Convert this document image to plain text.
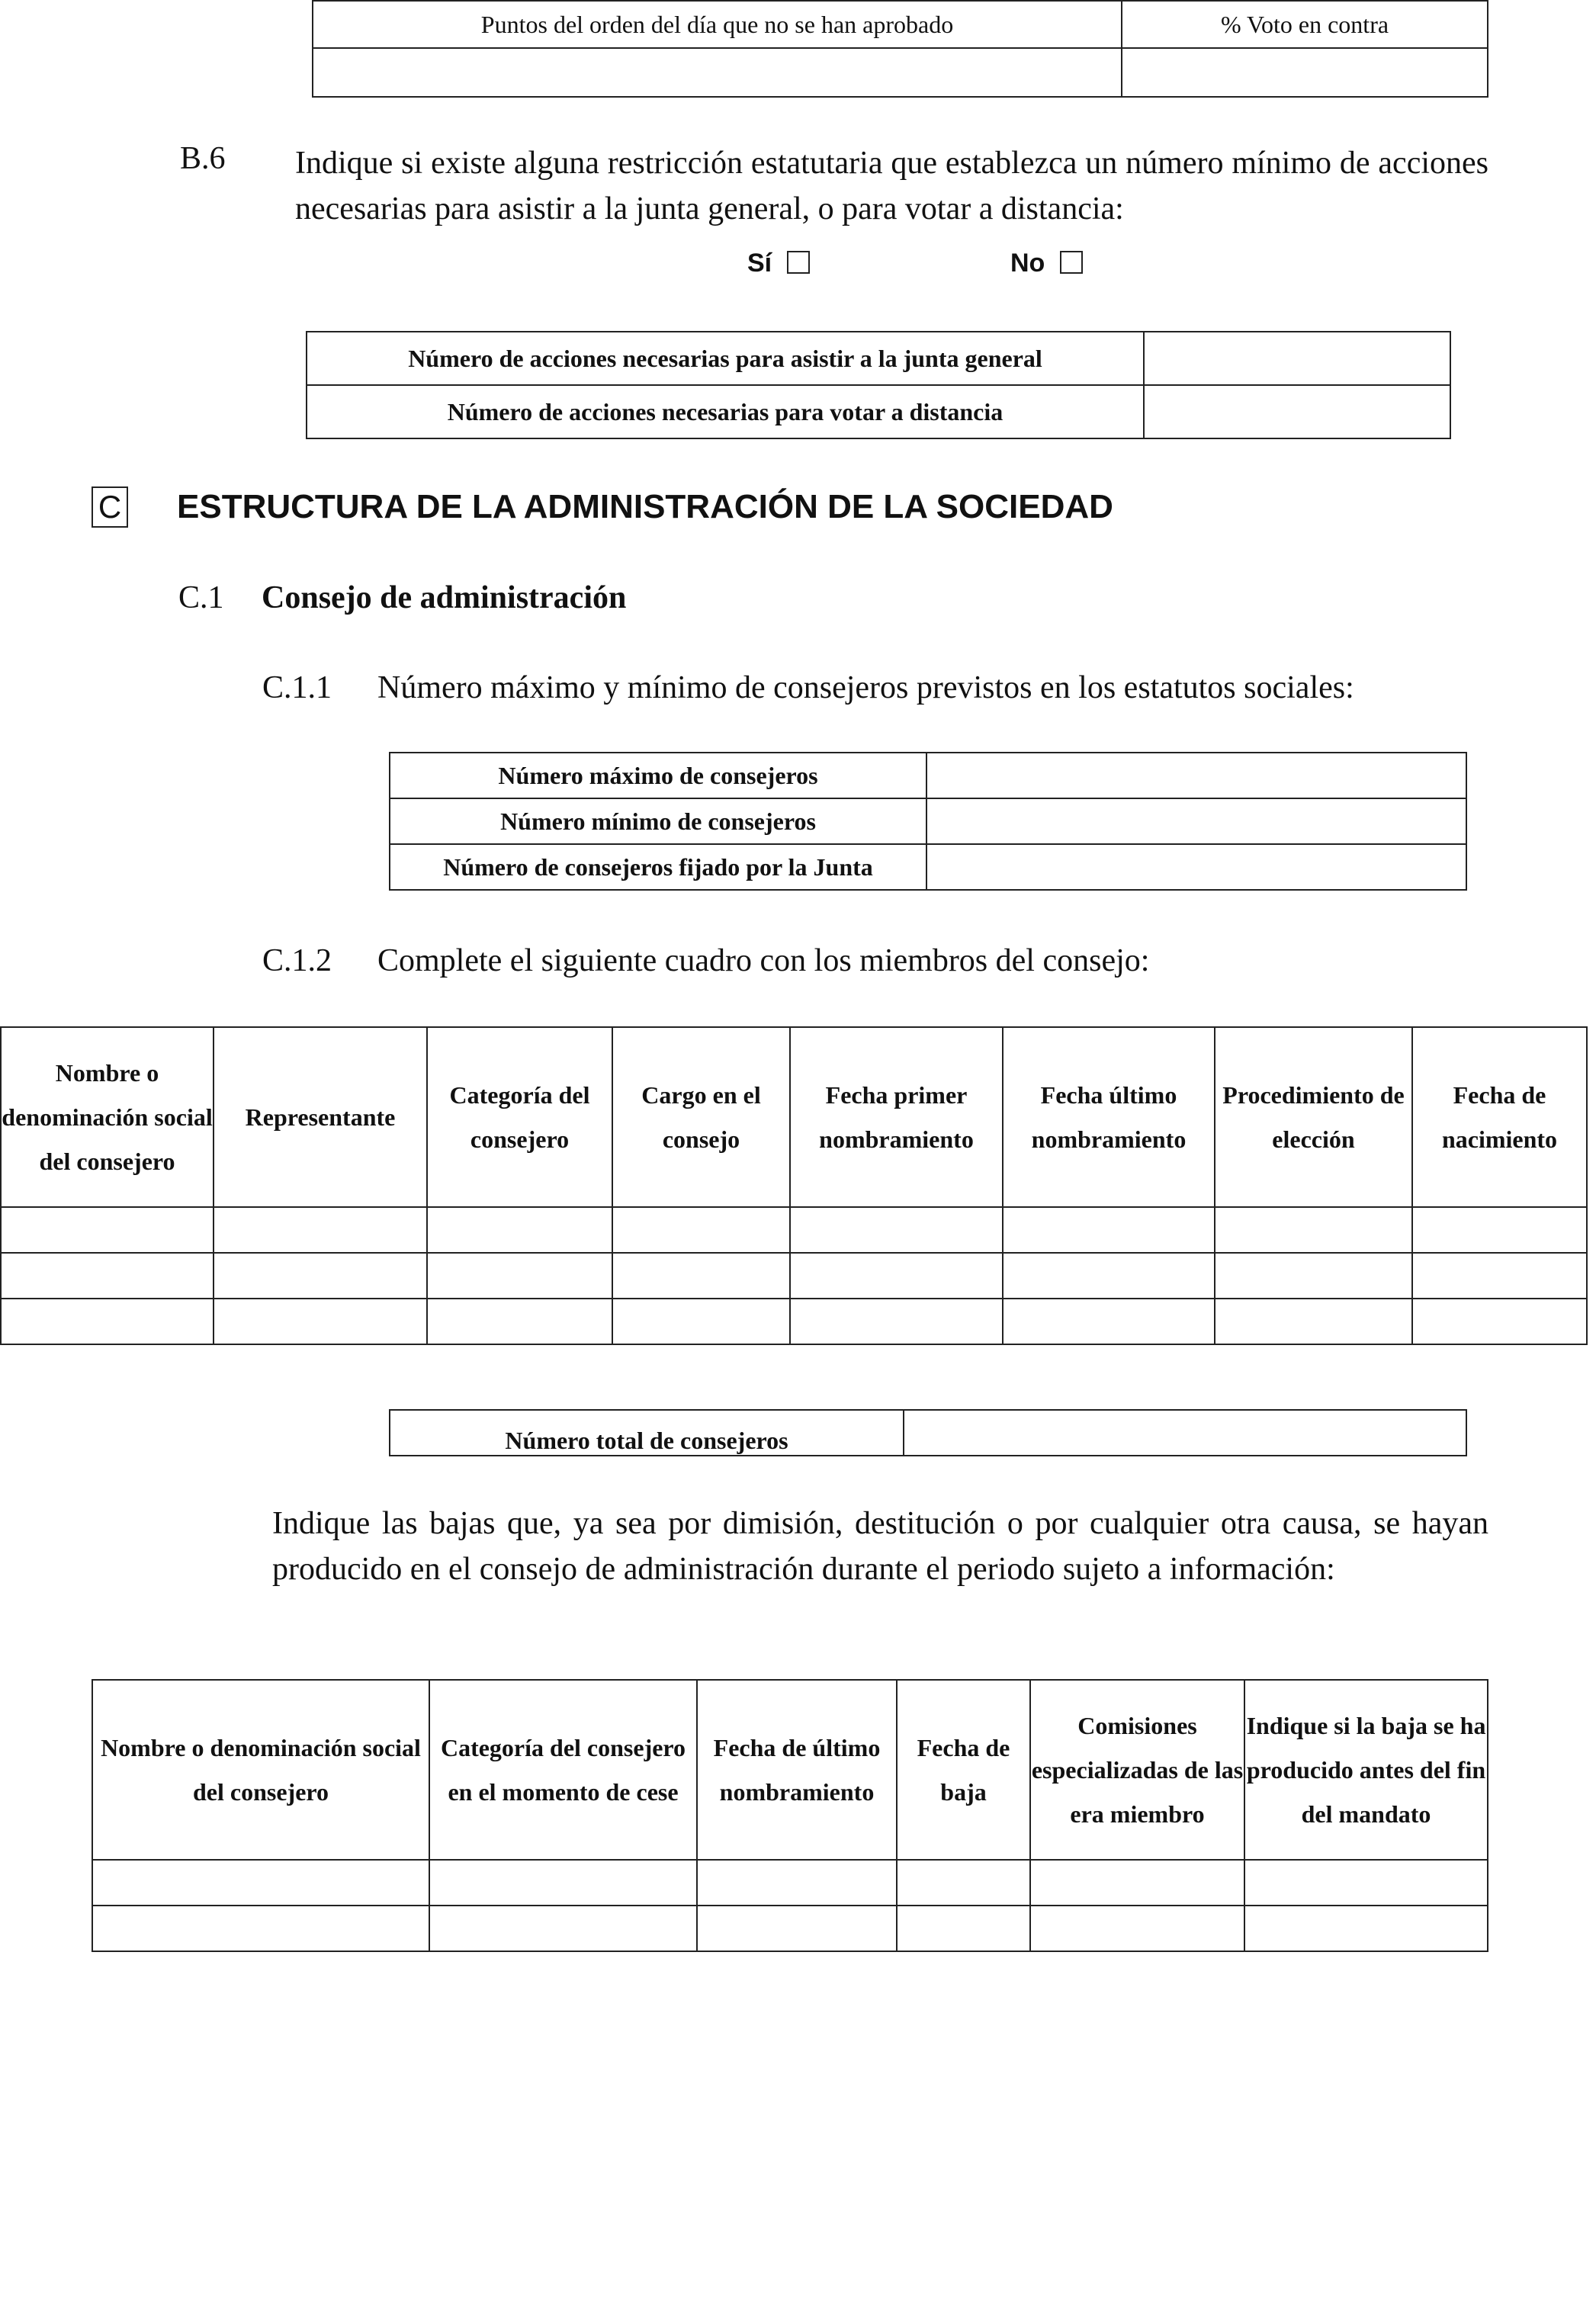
Puntos del orden del día que no se han aprobado	% Voto en contra

B.6 Indique si existe alguna restricción estatutaria que establezca un número mínimo de acciones necesarias para asistir a la junta general, o para votar a distancia:
Sí	No
Número de acciones necesarias para asistir a la junta general	
Número de acciones necesarias para votar a distancia	
C ESTRUCTURA DE LA ADMINISTRACIÓN DE LA SOCIEDAD
C.1 Consejo de administración
C.1.1 Número máximo y mínimo de consejeros previstos en los estatutos sociales:
Número máximo de consejeros	
Número mínimo de consejeros	
Número de consejeros fijado por la Junta	
C.1.2 Complete el siguiente cuadro con los miembros del consejo:
Nombre o denominación social del consejero	Representante	Categoría del consejero	Cargo en el consejo	Fecha primer nombramiento	Fecha último nombramiento	Procedimiento de elección	Fecha de nacimiento

Número total de consejeros	
Indique las bajas que, ya sea por dimisión, destitución o por cualquier otra causa, se hayan producido en el consejo de administración durante el periodo sujeto a información:
Nombre o denominación social del consejero	Categoría del consejero en el momento de cese	Fecha de último nombramiento	Fecha de baja	Comisiones especializadas de las era miembro	Indique si la baja se ha producido antes del fin del mandato
